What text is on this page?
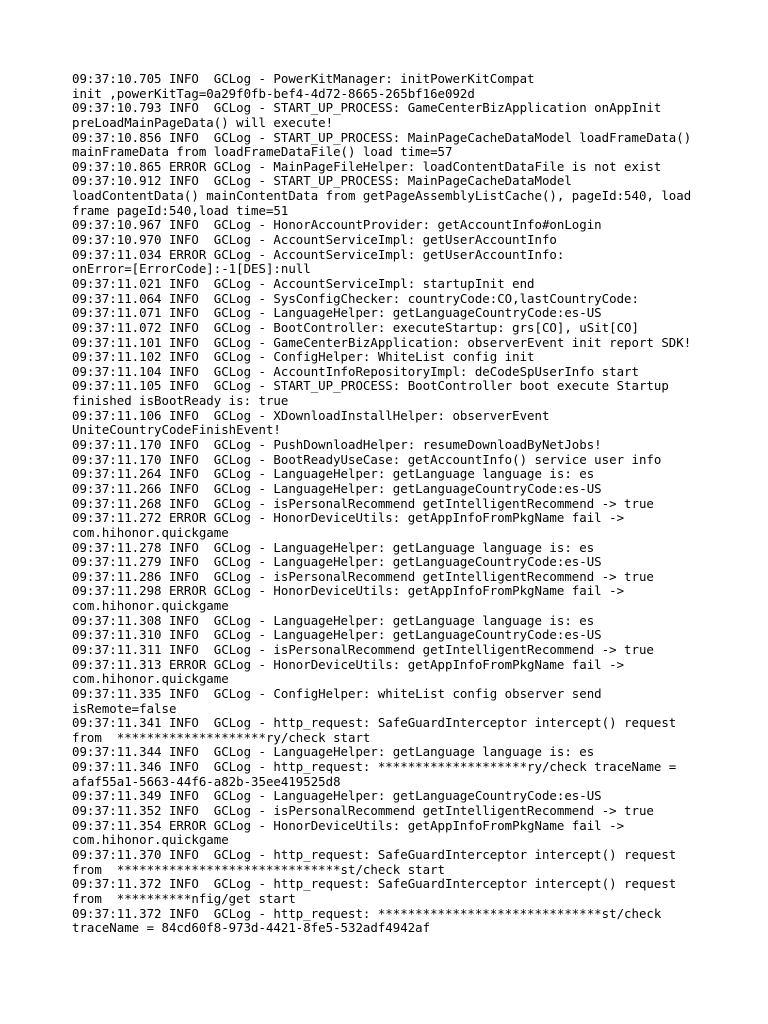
09:37:10.705 INFO  GCLog - PowerKitManager: initPowerKitCompat
init ,powerKitTag=0a29f0fb-bef4-4d72-8665-265bf16e092d
09:37:10.793 INFO  GCLog - START_UP_PROCESS: GameCenterBizApplication onAppInit
preLoadMainPageData() will execute!
09:37:10.856 INFO  GCLog - START_UP_PROCESS: MainPageCacheDataModel loadFrameData()
mainFrameData from loadFrameDataFile() load time=57
09:37:10.865 ERROR GCLog - MainPageFileHelper: loadContentDataFile is not exist
09:37:10.912 INFO  GCLog - START_UP_PROCESS: MainPageCacheDataModel
loadContentData() mainContentData from getPageAssemblyListCache(), pageId:540, load
frame pageId:540,load time=51
09:37:10.967 INFO  GCLog - HonorAccountProvider: getAccountInfo#onLogin
09:37:10.970 INFO  GCLog - AccountServiceImpl: getUserAccountInfo
09:37:11.034 ERROR GCLog - AccountServiceImpl: getUserAccountInfo:
onError=[ErrorCode]:-1[DES]:null
09:37:11.021 INFO  GCLog - AccountServiceImpl: startupInit end
09:37:11.064 INFO  GCLog - SysConfigChecker: countryCode:CO,lastCountryCode:
09:37:11.071 INFO  GCLog - LanguageHelper: getLanguageCountryCode:es-US
09:37:11.072 INFO  GCLog - BootController: executeStartup: grs[CO], uSit[CO]
09:37:11.101 INFO  GCLog - GameCenterBizApplication: observerEvent init report SDK!
09:37:11.102 INFO  GCLog - ConfigHelper: WhiteList config init
09:37:11.104 INFO  GCLog - AccountInfoRepositoryImpl: deCodeSpUserInfo start
09:37:11.105 INFO  GCLog - START_UP_PROCESS: BootController boot execute Startup
finished isBootReady is: true
09:37:11.106 INFO  GCLog - XDownloadInstallHelper: observerEvent
UniteCountryCodeFinishEvent!
09:37:11.170 INFO  GCLog - PushDownloadHelper: resumeDownloadByNetJobs!
09:37:11.170 INFO  GCLog - BootReadyUseCase: getAccountInfo() service user info
09:37:11.264 INFO  GCLog - LanguageHelper: getLanguage language is: es
09:37:11.266 INFO  GCLog - LanguageHelper: getLanguageCountryCode:es-US
09:37:11.268 INFO  GCLog - isPersonalRecommend getIntelligentRecommend -> true
09:37:11.272 ERROR GCLog - HonorDeviceUtils: getAppInfoFromPkgName fail ->
com.hihonor.quickgame
09:37:11.278 INFO  GCLog - LanguageHelper: getLanguage language is: es
09:37:11.279 INFO  GCLog - LanguageHelper: getLanguageCountryCode:es-US
09:37:11.286 INFO  GCLog - isPersonalRecommend getIntelligentRecommend -> true
09:37:11.298 ERROR GCLog - HonorDeviceUtils: getAppInfoFromPkgName fail ->
com.hihonor.quickgame
09:37:11.308 INFO  GCLog - LanguageHelper: getLanguage language is: es
09:37:11.310 INFO  GCLog - LanguageHelper: getLanguageCountryCode:es-US
09:37:11.311 INFO  GCLog - isPersonalRecommend getIntelligentRecommend -> true
09:37:11.313 ERROR GCLog - HonorDeviceUtils: getAppInfoFromPkgName fail ->
com.hihonor.quickgame
09:37:11.335 INFO  GCLog - ConfigHelper: whiteList config observer send
isRemote=false
09:37:11.341 INFO  GCLog - http_request: SafeGuardInterceptor intercept() request
from  ********************ry/check start
09:37:11.344 INFO  GCLog - LanguageHelper: getLanguage language is: es
09:37:11.346 INFO  GCLog - http_request: ********************ry/check traceName =
afaf55a1-5663-44f6-a82b-35ee419525d8
09:37:11.349 INFO  GCLog - LanguageHelper: getLanguageCountryCode:es-US
09:37:11.352 INFO  GCLog - isPersonalRecommend getIntelligentRecommend -> true
09:37:11.354 ERROR GCLog - HonorDeviceUtils: getAppInfoFromPkgName fail ->
com.hihonor.quickgame
09:37:11.370 INFO  GCLog - http_request: SafeGuardInterceptor intercept() request
from  ******************************st/check start
09:37:11.372 INFO  GCLog - http_request: SafeGuardInterceptor intercept() request
from  **********nfig/get start
09:37:11.372 INFO  GCLog - http_request: ******************************st/check
traceName = 84cd60f8-973d-4421-8fe5-532adf4942af
